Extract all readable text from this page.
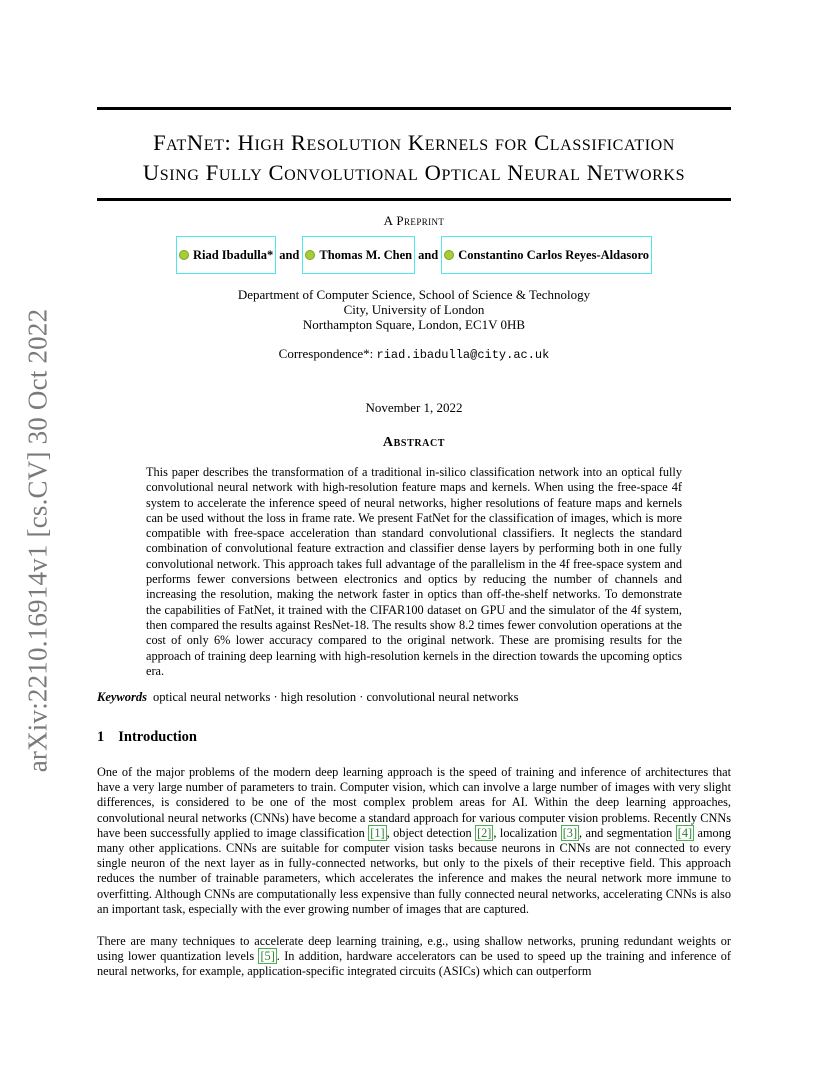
arXiv:2210.16914v1 [cs.CV] 30 Oct 2022
FatNet: High Resolution Kernels for Classification
Using Fully Convolutional Optical Neural Networks
A Preprint
Riad Ibadulla* and Thomas M. Chen and Constantino Carlos Reyes-Aldasoro
Department of Computer Science, School of Science & Technology
City, University of London
Northampton Square, London, EC1V 0HB
Correspondence*: riad.ibadulla@city.ac.uk
November 1, 2022
Abstract

This paper describes the transformation of a traditional in-silico classification network into an optical fully convolutional neural network with high-resolution feature maps and kernels. When using the free-space 4f system to accelerate the inference speed of neural networks, higher resolutions of feature maps and kernels can be used without the loss in frame rate. We present FatNet for the classification of images, which is more compatible with free-space acceleration than standard convolutional classifiers. It neglects the standard combination of convolutional feature extraction and classifier dense layers by performing both in one fully convolutional network. This approach takes full advantage of the parallelism in the 4f free-space system and performs fewer conversions between electronics and optics by reducing the number of channels and increasing the resolution, making the network faster in optics than off-the-shelf networks. To demonstrate the capabilities of FatNet, it trained with the CIFAR100 dataset on GPU and the simulator of the 4f system, then compared the results against ResNet-18. The results show 8.2 times fewer convolution operations at the cost of only 6% lower accuracy compared to the original network. These are promising results for the approach of training deep learning with high-resolution kernels in the direction towards the upcoming optics era.

Keywords optical neural networks · high resolution · convolutional neural networks
1 Introduction

One of the major problems of the modern deep learning approach is the speed of training and inference of architectures that have a very large number of parameters to train. Computer vision, which can involve a large number of images with very slight differences, is considered to be one of the most complex problem areas for AI. Within the deep learning approaches, convolutional neural networks (CNNs) have become a standard approach for various computer vision problems. Recently CNNs have been successfully applied to image classification [1] , object detection [2] , localization [3] , and segmentation [4] among many other applications. CNNs are suitable for computer vision tasks because neurons in CNNs are not connected to every single neuron of the next layer as in fully-connected networks, but only to the pixels of their receptive field. This approach reduces the number of trainable parameters, which accelerates the inference and makes the neural network more immune to overfitting. Although CNNs are computationally less expensive than fully connected neural networks, accelerating CNNs is also an important task, especially with the ever growing number of images that are captured.

There are many techniques to accelerate deep learning training, e.g., using shallow networks, pruning redundant weights or using lower quantization levels [5] . In addition, hardware accelerators can be used to speed up the training and inference of neural networks, for example, application-specific integrated circuits (ASICs) which can outperform
